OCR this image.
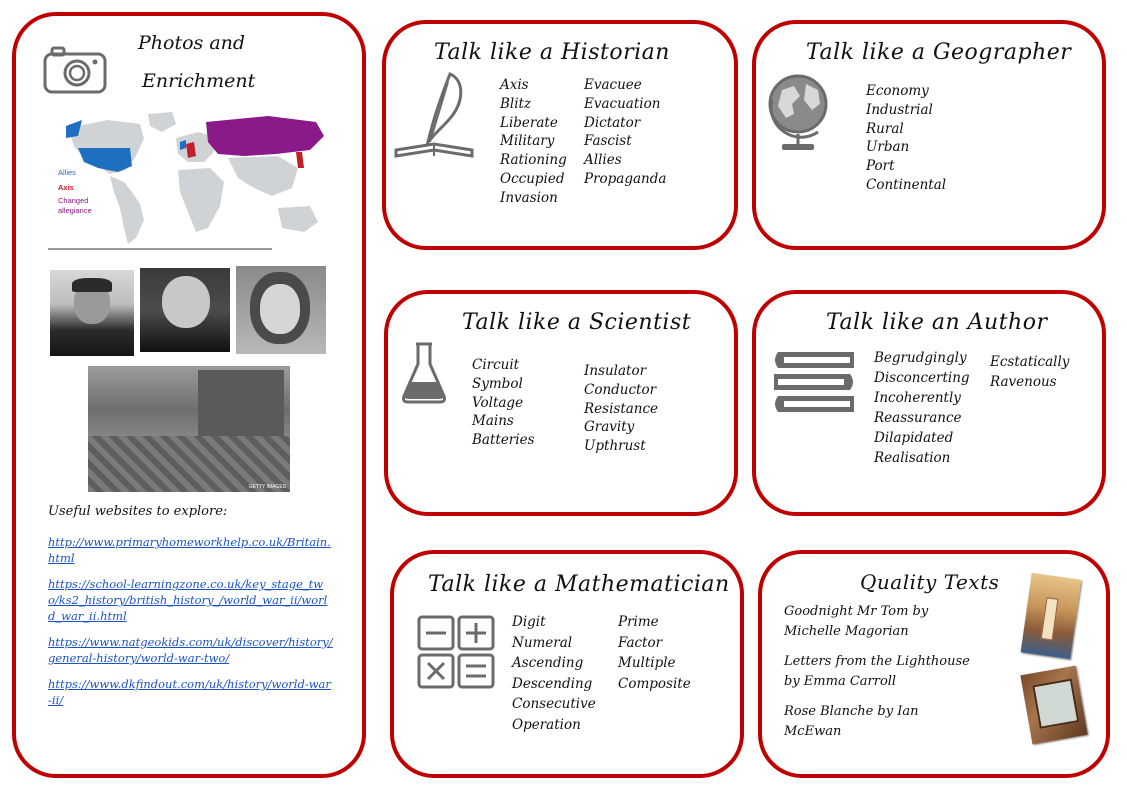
Photos and
Enrichment
Allies
Axis
Changed allegiance
GETTY IMAGES
Useful websites to explore:
http://www.primaryhomeworkhelp.co.uk/Britain.html
https://school-learningzone.co.uk/key_stage_two/ks2_history/british_history_/world_war_ii/world_war_ii.html
https://www.natgeokids.com/uk/discover/history/general-history/world-war-two/
https://www.dkfindout.com/uk/history/world-war-ii/
Talk like a Historian
Axis
Blitz
Liberate
Military
Rationing
Occupied
Invasion
Evacuee
Evacuation
Dictator
Fascist
Allies
Propaganda
Talk like a Geographer
Economy
Industrial
Rural
Urban
Port
Continental
Talk like a Scientist
Circuit
Symbol
Voltage
Mains
Batteries
Insulator
Conductor
Resistance
Gravity
Upthrust
Talk like an Author
Begrudgingly
Disconcerting
Incoherently
Reassurance
Dilapidated
Realisation
Ecstatically
Ravenous
Talk like a Mathematician
Digit
Numeral
Ascending
Descending
Consecutive
Operation
Prime
Factor
Multiple
Composite
Quality Texts

Goodnight Mr Tom by Michelle Magorian

Letters from the Lighthouse by Emma Carroll

Rose Blanche by Ian McEwan
